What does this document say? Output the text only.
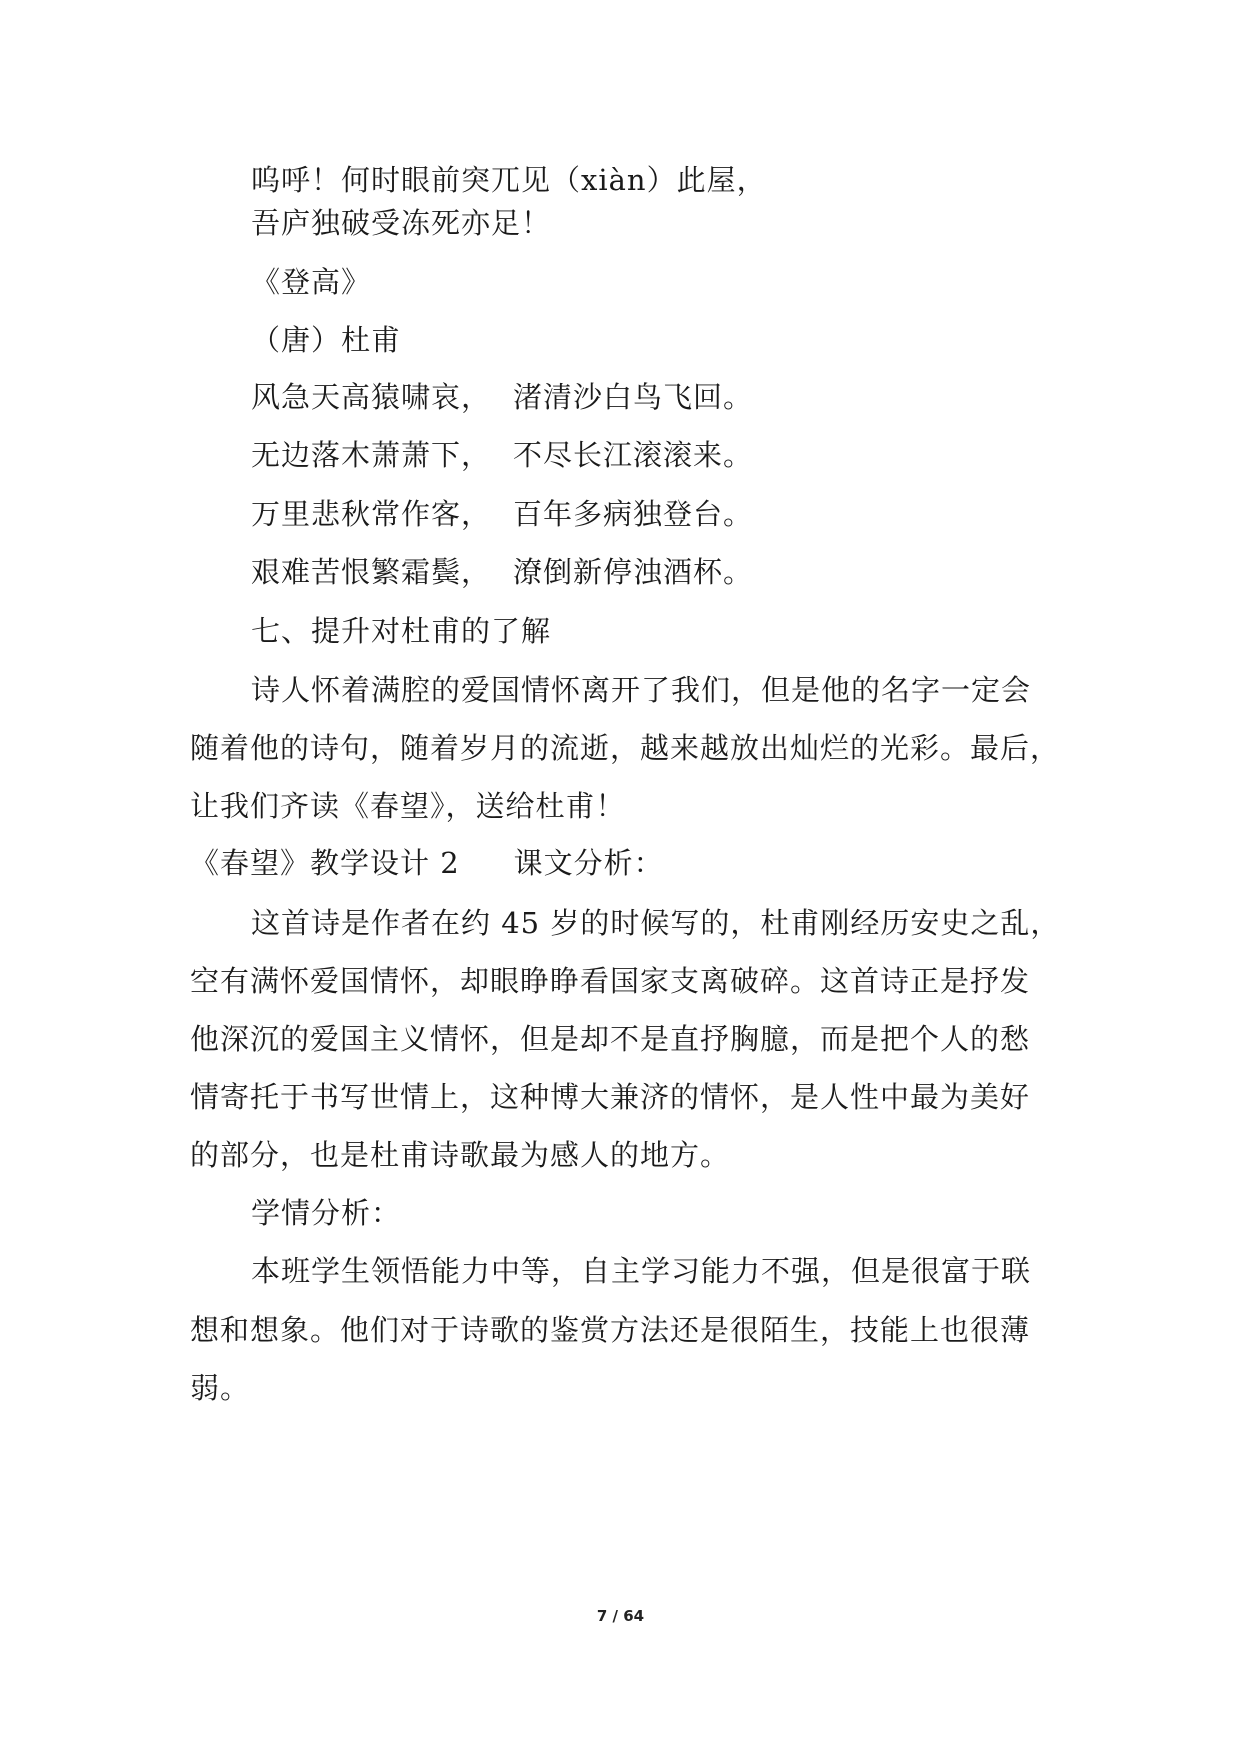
呜呼！何时眼前突兀见（xiàn）此屋，
吾庐独破受冻死亦足！
《登高》
（唐）杜甫
风急天高猿啸哀， 渚清沙白鸟飞回。
无边落木萧萧下， 不尽长江滚滚来。
万里悲秋常作客， 百年多病独登台。
艰难苦恨繁霜鬓， 潦倒新停浊酒杯。
七、提升对杜甫的了解
诗人怀着满腔的爱国情怀离开了我们，但是他的名字一定会
随着他的诗句，随着岁月的流逝，越来越放出灿烂的光彩。最后，
让我们齐读《春望》，送给杜甫！
《春望》教学设计 2 课文分析：
这首诗是作者在约 45 岁的时候写的，杜甫刚经历安史之乱，
空有满怀爱国情怀，却眼睁睁看国家支离破碎。这首诗正是抒发
他深沉的爱国主义情怀，但是却不是直抒胸臆，而是把个人的愁
情寄托于书写世情上，这种博大兼济的情怀，是人性中最为美好
的部分，也是杜甫诗歌最为感人的地方。
学情分析：
本班学生领悟能力中等，自主学习能力不强，但是很富于联
想和想象。他们对于诗歌的鉴赏方法还是很陌生，技能上也很薄
弱。
7 / 64
